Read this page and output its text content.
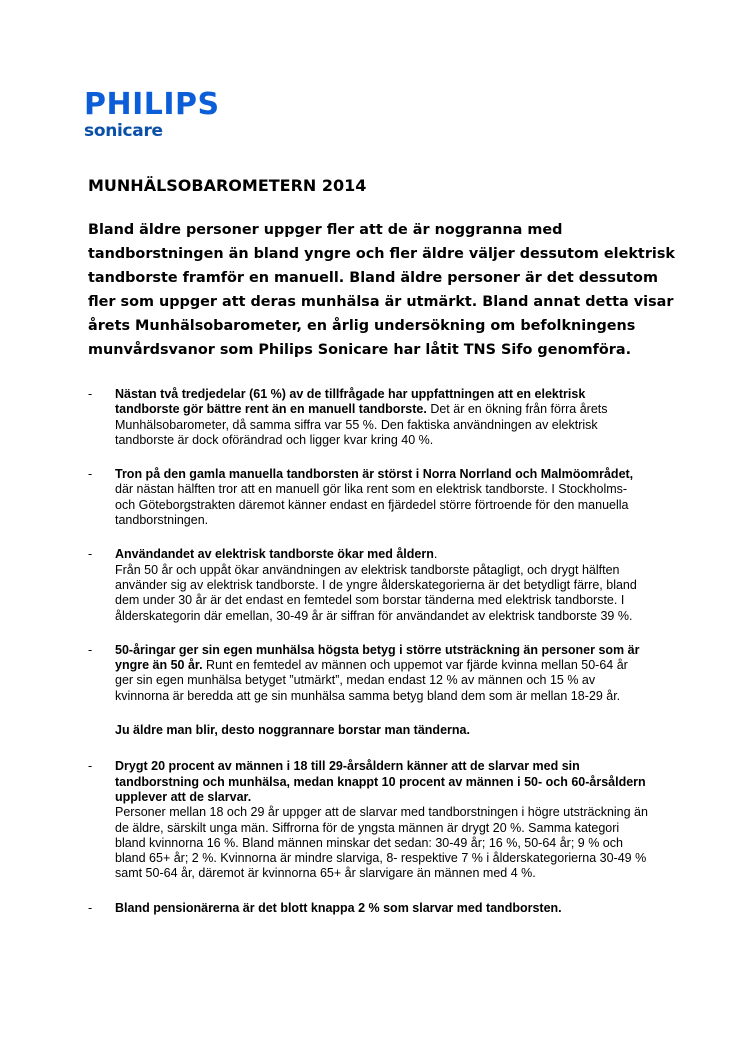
PHILIPS
sonicare
MUNHÄLSOBAROMETERN 2014
Bland äldre personer uppger fler att de är noggranna med tandborstningen än bland yngre och fler äldre väljer dessutom elektrisk tandborste framför en manuell. Bland äldre personer är det dessutom fler som uppger att deras munhälsa är utmärkt. Bland annat detta visar årets Munhälsobarometer, en årlig undersökning om befolkningens munvårdsvanor som Philips Sonicare har låtit TNS Sifo genomföra.
- Nästan två tredjedelar (61 %) av de tillfrågade har uppfattningen att en elektrisk tandborste gör bättre rent än en manuell tandborste. Det är en ökning från förra årets Munhälsobarometer, då samma siffra var 55 %. Den faktiska användningen av elektrisk tandborste är dock oförändrad och ligger kvar kring 40 %.
- Tron på den gamla manuella tandborsten är störst i Norra Norrland och Malmöområdet, där nästan hälften tror att en manuell gör lika rent som en elektrisk tandborste. I Stockholms- och Göteborgstrakten däremot känner endast en fjärdedel större förtroende för den manuella tandborstningen.
- Användandet av elektrisk tandborste ökar med åldern.
Från 50 år och uppåt ökar användningen av elektrisk tandborste påtagligt, och drygt hälften använder sig av elektrisk tandborste. I de yngre ålderskategorierna är det betydligt färre, bland dem under 30 år är det endast en femtedel som borstar tänderna med elektrisk tandborste. I ålderskategorin där emellan, 30-49 år är siffran för användandet av elektrisk tandborste 39 %.
- 50-åringar ger sin egen munhälsa högsta betyg i större utsträckning än personer som är yngre än 50 år. Runt en femtedel av männen och uppemot var fjärde kvinna mellan 50-64 år ger sin egen munhälsa betyget ”utmärkt”, medan endast 12 % av männen och 15 % av kvinnorna är beredda att ge sin munhälsa samma betyg bland dem som är mellan 18-29 år.
Ju äldre man blir, desto noggrannare borstar man tänderna.
- Drygt 20 procent av männen i 18 till 29-årsåldern känner att de slarvar med sin tandborstning och munhälsa, medan knappt 10 procent av männen i 50- och 60-årsåldern upplever att de slarvar.
Personer mellan 18 och 29 år uppger att de slarvar med tandborstningen i högre utsträckning än de äldre, särskilt unga män. Siffrorna för de yngsta männen är drygt 20 %. Samma kategori bland kvinnorna 16 %. Bland männen minskar det sedan: 30-49 år; 16 %, 50-64 år; 9 % och bland 65+ år; 2 %. Kvinnorna är mindre slarviga, 8- respektive 7 % i ålderskategorierna 30-49 % samt 50-64 år, däremot är kvinnorna 65+ år slarvigare än männen med 4 %.
- Bland pensionärerna är det blott knappa 2 % som slarvar med tandborsten.
